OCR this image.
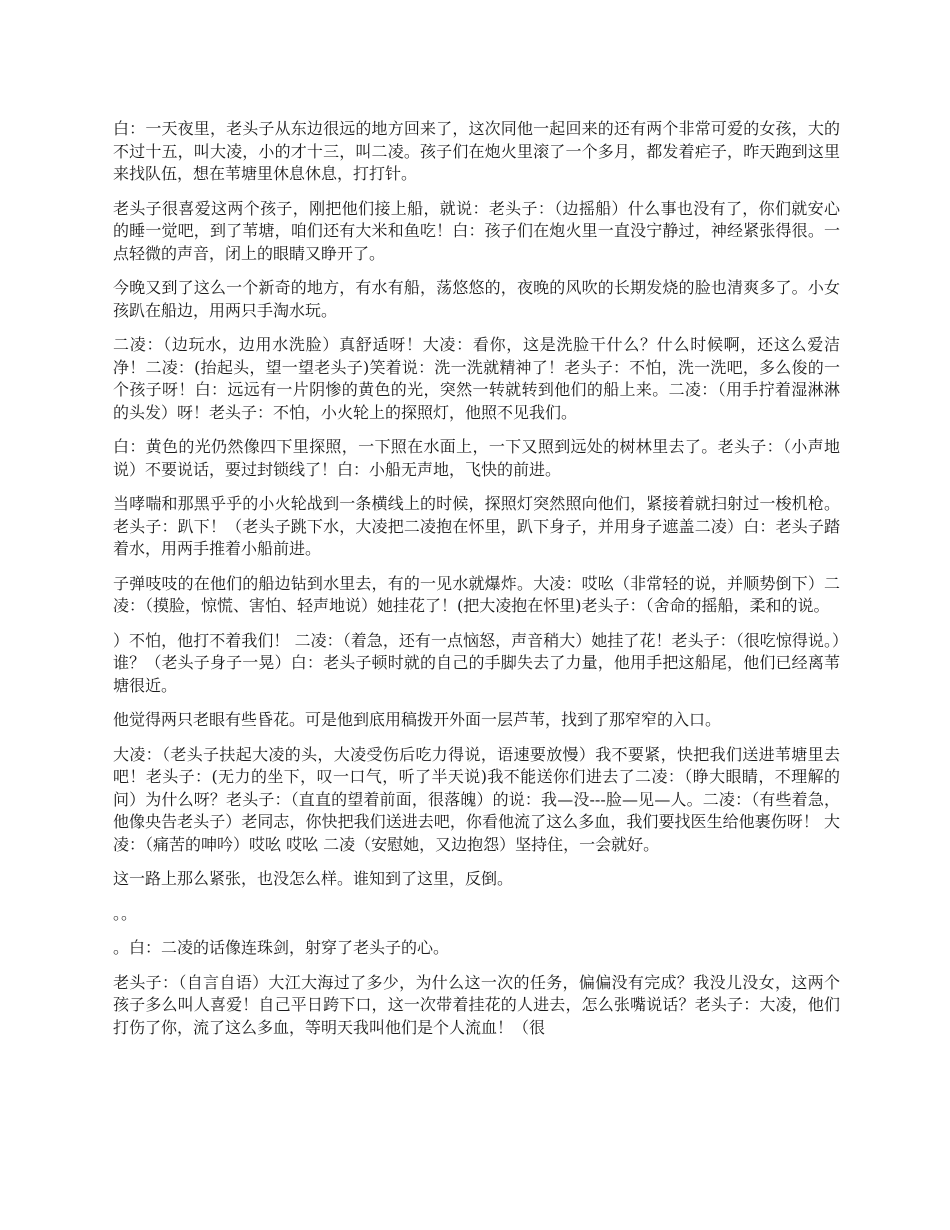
白：一天夜里，老头子从东边很远的地方回来了，这次同他一起回来的还有两个非常可爱的女孩，大的不过十五，叫大凌，小的才十三，叫二凌。孩子们在炮火里滚了一个多月，都发着疟子，昨天跑到这里来找队伍，想在苇塘里休息休息，打打针。

老头子很喜爱这两个孩子，刚把他们接上船，就说：老头子：（边摇船）什么事也没有了，你们就安心的睡一觉吧，到了苇塘，咱们还有大米和鱼吃！白：孩子们在炮火里一直没宁静过，神经紧张得很。一点轻微的声音，闭上的眼睛又睁开了。

今晚又到了这么一个新奇的地方，有水有船，荡悠悠的，夜晚的风吹的长期发烧的脸也清爽多了。小女孩趴在船边，用两只手淘水玩。

二凌：（边玩水，边用水洗脸）真舒适呀！大凌：看你，这是洗脸干什么？什么时候啊，还这么爱洁净！二凌：(抬起头，望一望老头子)笑着说：洗一洗就精神了！老头子：不怕，洗一洗吧，多么俊的一个孩子呀！白：远远有一片阴惨的黄色的光，突然一转就转到他们的船上来。二凌：（用手拧着湿淋淋的头发）呀！老头子：不怕，小火轮上的探照灯，他照不见我们。

白：黄色的光仍然像四下里探照，一下照在水面上，一下又照到远处的树林里去了。老头子：（小声地说）不要说话，要过封锁线了！白：小船无声地，飞快的前进。

当哮喘和那黑乎乎的小火轮战到一条横线上的时候，探照灯突然照向他们，紧接着就扫射过一梭机枪。老头子：趴下！（老头子跳下水，大凌把二凌抱在怀里，趴下身子，并用身子遮盖二凌）白：老头子踏着水，用两手推着小船前进。

子弹吱吱的在他们的船边钻到水里去，有的一见水就爆炸。大凌：哎吆（非常轻的说，并顺势倒下）二凌：（摸脸，惊慌、害怕、轻声地说）她挂花了！(把大凌抱在怀里)老头子：（舍命的摇船，柔和的说。

）不怕，他打不着我们！ 二凌：（着急，还有一点恼怒，声音稍大）她挂了花！老头子：（很吃惊得说。）谁？（老头子身子一晃）白：老头子顿时就的自己的手脚失去了力量，他用手把这船尾，他们已经离苇塘很近。

他觉得两只老眼有些昏花。可是他到底用稿拨开外面一层芦苇，找到了那窄窄的入口。

大凌：（老头子扶起大凌的头，大凌受伤后吃力得说，语速要放慢）我不要紧，快把我们送进苇塘里去吧！老头子：(无力的坐下，叹一口气，听了半天说)我不能送你们进去了二凌：（睁大眼睛，不理解的问）为什么呀？老头子：（直直的望着前面，很落魄）的说：我—没---脸—见—人。二凌：（有些着急，他像央告老头子）老同志，你快把我们送进去吧，你看他流了这么多血，我们要找医生给他裹伤呀！ 大凌：（痛苦的呻吟）哎吆 哎吆 二凌（安慰她，又边抱怨）坚持住，一会就好。

这一路上那么紧张，也没怎么样。谁知到了这里，反倒。

。。

。白：二凌的话像连珠剑，射穿了老头子的心。

老头子：（自言自语）大江大海过了多少，为什么这一次的任务，偏偏没有完成？我没儿没女，这两个孩子多么叫人喜爱！自己平日跨下口，这一次带着挂花的人进去，怎么张嘴说话？老头子：大凌，他们打伤了你，流了这么多血，等明天我叫他们是个人流血！（很
